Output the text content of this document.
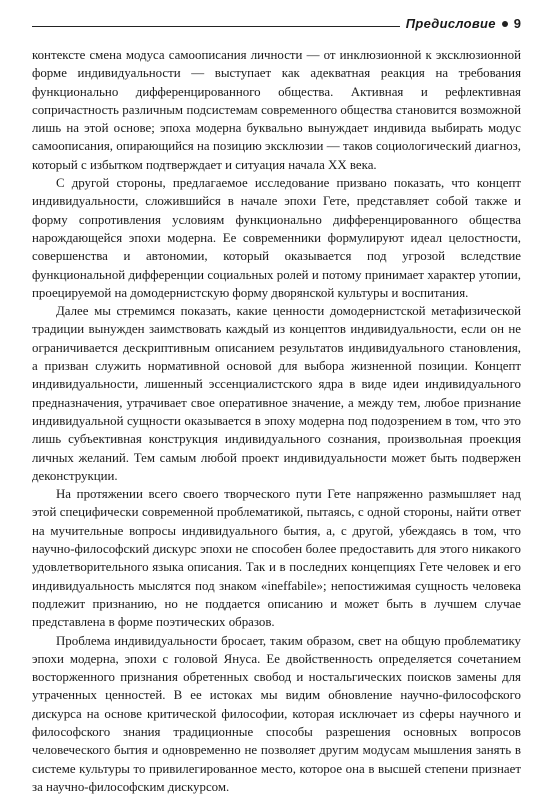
Предисловие 9

контексте смена модуса самоописания личности — от инклюзионной к эксклюзионной форме индивидуальности — выступает как адекватная реакция на требования функционально дифференцированного общества. Активная и рефлективная сопричастность различным подсистемам современного общества становится возможной лишь на этой основе; эпоха модерна буквально вынуждает индивида выбирать модус самоописания, опирающийся на позицию эксклюзии — таков социологический диагноз, который с избытком подтверждает и ситуация начала XX века.

С другой стороны, предлагаемое исследование призвано показать, что концепт индивидуальности, сложившийся в начале эпохи Гете, представляет собой также и форму сопротивления условиям функционально дифференцированного общества нарождающейся эпохи модерна. Ее современники формулируют идеал целостности, совершенства и автономии, который оказывается под угрозой вследствие функциональной дифференции социальных ролей и потому принимает характер утопии, проецируемой на домодернистскую форму дворянской культуры и воспитания.

Далее мы стремимся показать, какие ценности домодернистской метафизической традиции вынужден заимствовать каждый из концептов индивидуальности, если он не ограничивается дескриптивным описанием результатов индивидуального становления, а призван служить нормативной основой для выбора жизненной позиции. Концепт индивидуальности, лишенный эссенциалистского ядра в виде идеи индивидуального предназначения, утрачивает свое оперативное значение, а между тем, любое признание индивидуальной сущности оказывается в эпоху модерна под подозрением в том, что это лишь субъективная конструкция индивидуального сознания, произвольная проекция личных желаний. Тем самым любой проект индивидуальности может быть подвержен деконструкции.

На протяжении всего своего творческого пути Гете напряженно размышляет над этой специфически современной проблематикой, пытаясь, с одной стороны, найти ответ на мучительные вопросы индивидуального бытия, а, с другой, убеждаясь в том, что научно-философский дискурс эпохи не способен более предоставить для этого никакого удовлетворительного языка описания. Так и в последних концепциях Гете человек и его индивидуальность мыслятся под знаком «ineffabile»; непостижимая сущность человека подлежит признанию, но не поддается описанию и может быть в лучшем случае представлена в форме поэтических образов.

Проблема индивидуальности бросает, таким образом, свет на общую проблематику эпохи модерна, эпохи с головой Януса. Ее двойственность определяется сочетанием восторженного признания обретенных свобод и ностальгических поисков замены для утраченных ценностей. В ее истоках мы видим обновление научно-философского дискурса на основе критической философии, которая исключает из сферы научного и философского знания традиционные способы разрешения основных вопросов человеческого бытия и одновременно не позволяет другим модусам мышления занять в системе культуры то привилегированное место, которое она в высшей степени признает за научно-философским дискурсом.
